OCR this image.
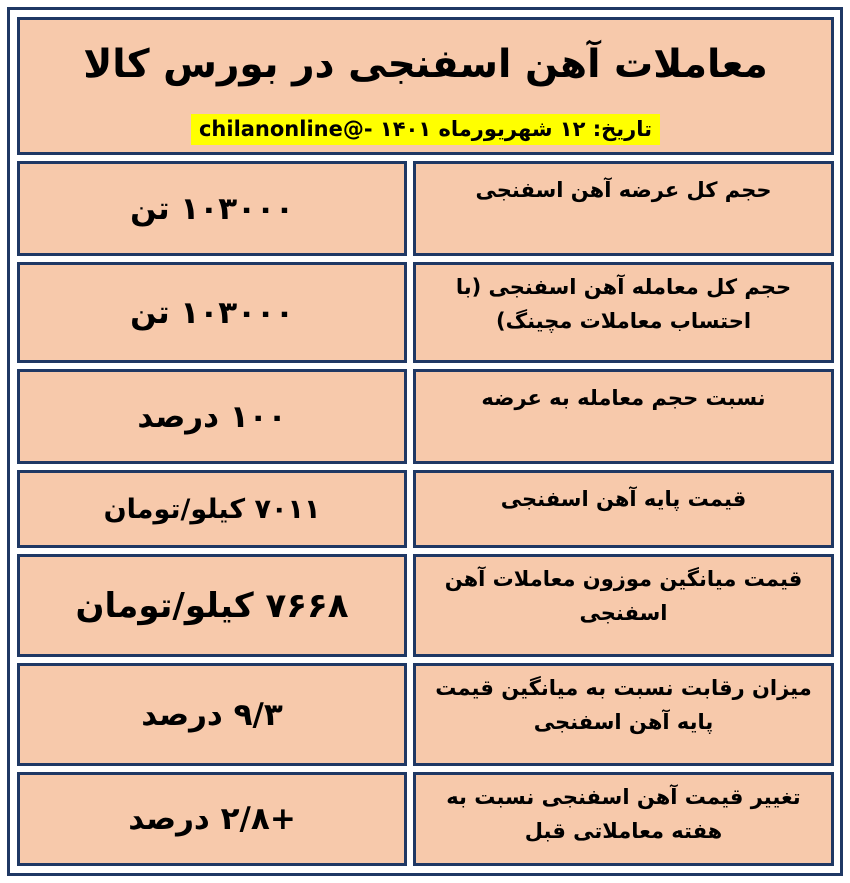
معاملات آهن اسفنجی در بورس کالا
تاریخ: ۱۲ شهریورماه ۱۴۰۱ -@chilanonline
حجم کل عرضه آهن اسفنجی
۱۰۳۰۰۰ تن
حجم کل معامله آهن اسفنجی (با احتساب معاملات مچینگ)
۱۰۳۰۰۰ تن
نسبت حجم معامله به عرضه
۱۰۰ درصد
قیمت پایه آهن اسفنجی
۷۰۱۱ کیلو/تومان
قیمت میانگین موزون معاملات آهن اسفنجی
۷۶۶۸ کیلو/تومان
میزان رقابت نسبت به میانگین قیمت پایه آهن اسفنجی
۹/۳ درصد
تغییر قیمت آهن اسفنجی نسبت به هفته معاملاتی قبل
+۲/۸ درصد
